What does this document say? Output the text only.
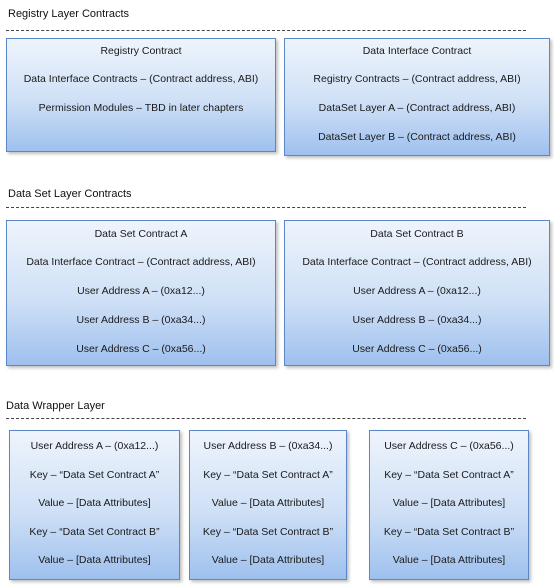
Registry Layer Contracts
Registry Contract
Data Interface Contracts – (Contract address, ABI)
Permission Modules – TBD in later chapters
Data Interface Contract
Registry Contracts – (Contract address, ABI)
DataSet Layer A – (Contract address, ABI)
DataSet Layer B – (Contract address, ABI)
Data Set Layer Contracts
Data Set Contract A
Data Interface Contract – (Contract address, ABI)
User Address A – (0xa12...)
User Address B – (0xa34...)
User Address C – (0xa56...)
Data Set Contract B
Data Interface Contract – (Contract address, ABI)
User Address A – (0xa12...)
User Address B – (0xa34...)
User Address C – (0xa56...)
Data Wrapper Layer
User Address A – (0xa12...)
Key – “Data Set Contract A”
Value – [Data Attributes]
Key – “Data Set Contract B”
Value – [Data Attributes]
User Address B – (0xa34...)
Key – “Data Set Contract A”
Value – [Data Attributes]
Key – “Data Set Contract B”
Value – [Data Attributes]
User Address C – (0xa56...)
Key – “Data Set Contract A”
Value – [Data Attributes]
Key – “Data Set Contract B”
Value – [Data Attributes]
